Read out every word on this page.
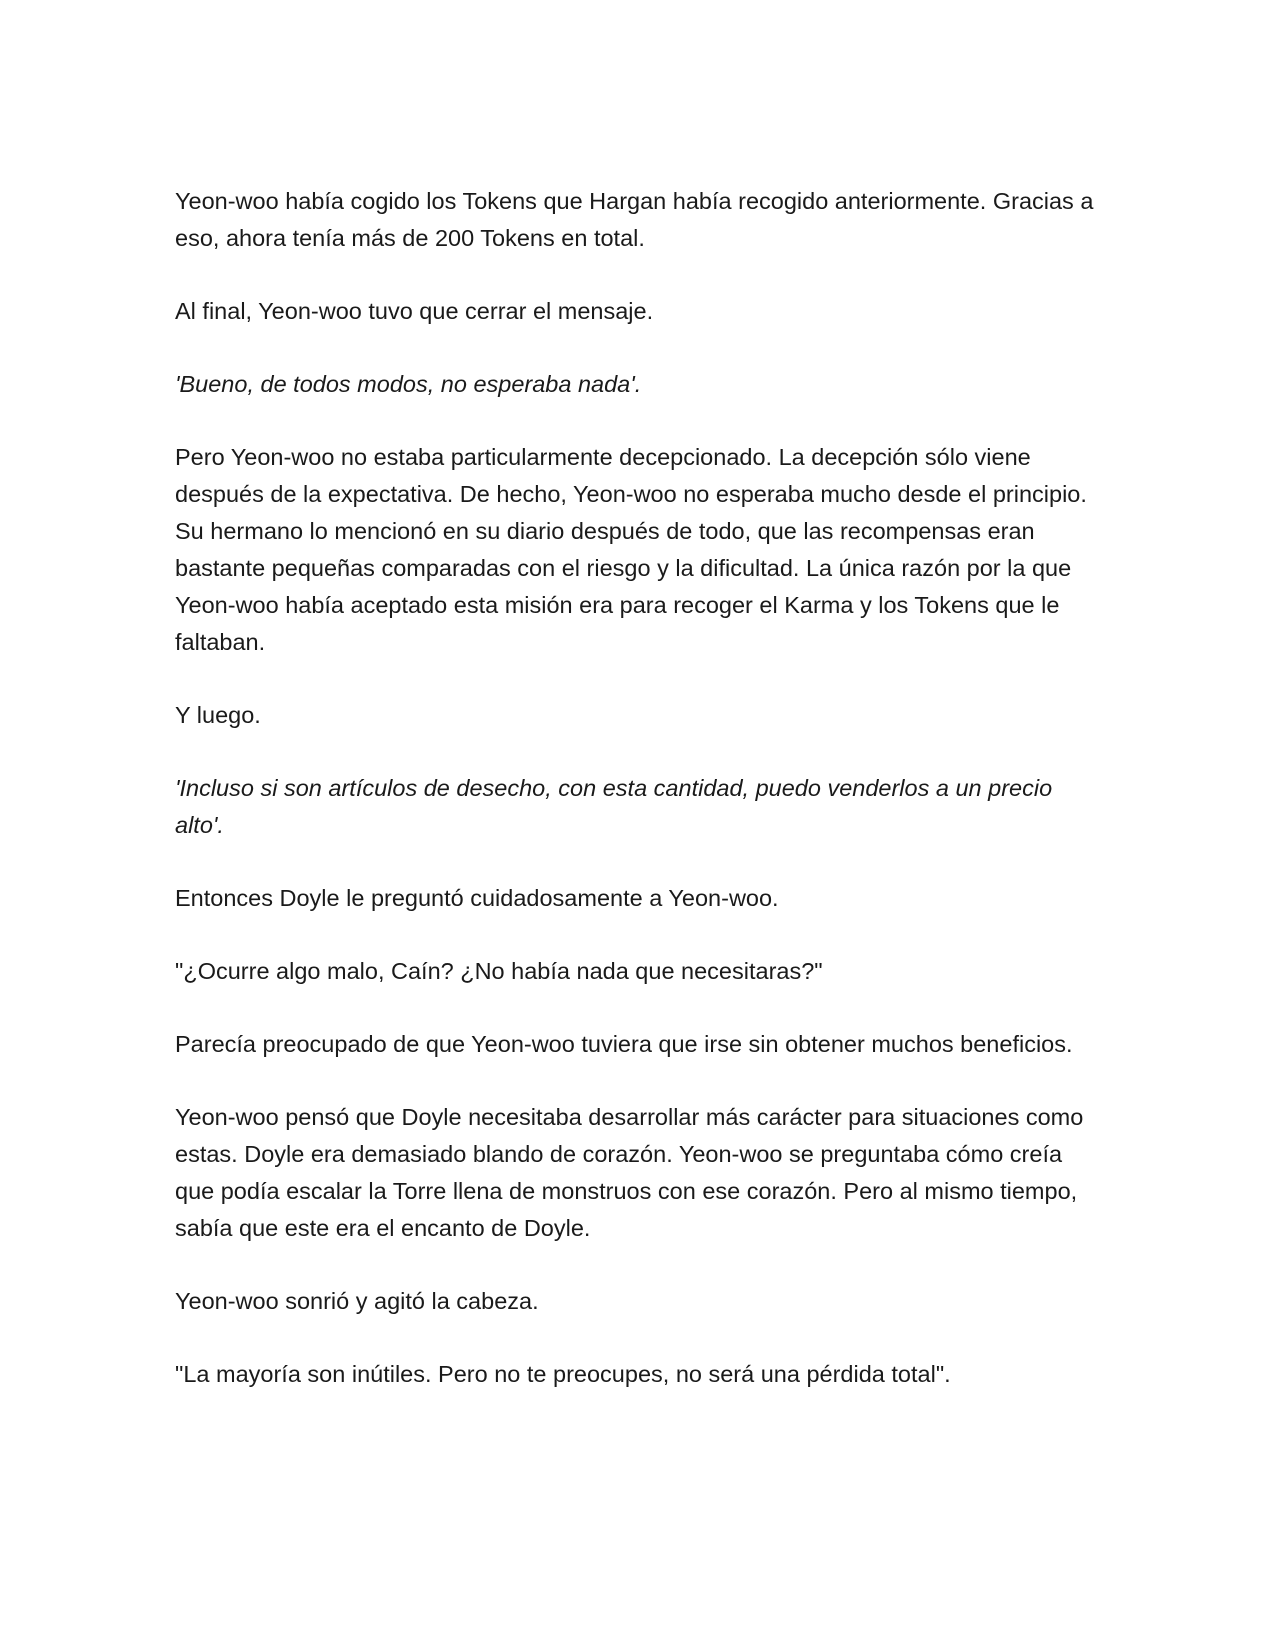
Yeon-woo había cogido los Tokens que Hargan había recogido anteriormente. Gracias a eso, ahora tenía más de 200 Tokens en total.

Al final, Yeon-woo tuvo que cerrar el mensaje.

'Bueno, de todos modos, no esperaba nada'.

Pero Yeon-woo no estaba particularmente decepcionado. La decepción sólo viene después de la expectativa. De hecho, Yeon-woo no esperaba mucho desde el principio. Su hermano lo mencionó en su diario después de todo, que las recompensas eran bastante pequeñas comparadas con el riesgo y la dificultad. La única razón por la que Yeon-woo había aceptado esta misión era para recoger el Karma y los Tokens que le faltaban.

Y luego.

'Incluso si son artículos de desecho, con esta cantidad, puedo venderlos a un precio alto'.

Entonces Doyle le preguntó cuidadosamente a Yeon-woo.

"¿Ocurre algo malo, Caín? ¿No había nada que necesitaras?"

Parecía preocupado de que Yeon-woo tuviera que irse sin obtener muchos beneficios.

Yeon-woo pensó que Doyle necesitaba desarrollar más carácter para situaciones como estas. Doyle era demasiado blando de corazón. Yeon-woo se preguntaba cómo creía que podía escalar la Torre llena de monstruos con ese corazón. Pero al mismo tiempo, sabía que este era el encanto de Doyle.

Yeon-woo sonrió y agitó la cabeza.

"La mayoría son inútiles. Pero no te preocupes, no será una pérdida total".
